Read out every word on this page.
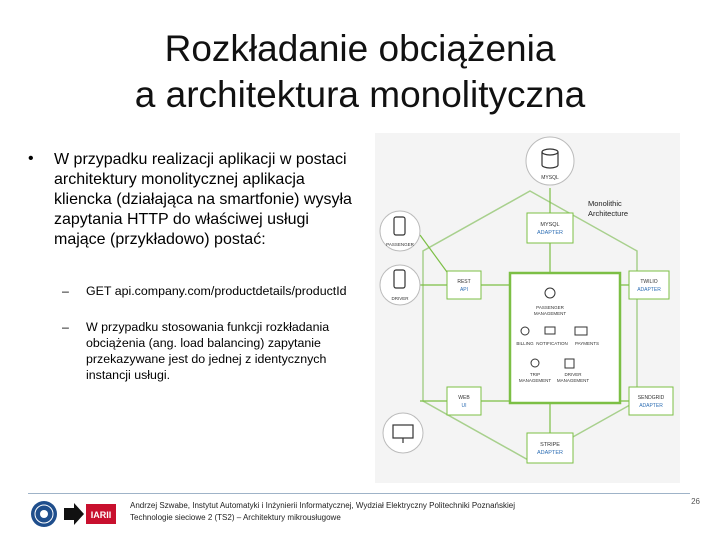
Rozkładanie obciążenia
a architektura monolityczna
• W przypadku realizacji aplikacji w postaci architektury monolitycznej aplikacja kliencka (działająca na smartfonie) wysyła zapytania HTTP do właściwej usługi mające (przykładowo) postać:
– GET api.company.com/productdetails/productId
– W przypadku stosowania funkcji rozkładania obciążenia (ang. load balancing) zapytanie przekazywane jest do jednej z identycznych instancji usługi.
MYSQL
MYSQL
ADAPTER
Monolithic
Architecture
PASSENGER
DRIVER
REST
API
TWILIO
ADAPTER
PASSENGER
MANAGEMENT
BILLING NOTIFICATION PAYMENTS
TRIP
MANAGEMENT
DRIVER
MANAGEMENT
WEB
UI
SENDGRID
ADAPTER
STRIPE
ADAPTER
IARII
Andrzej Szwabe, Instytut Automatyki i Inżynierii Informatycznej, Wydział Elektryczny Politechniki Poznańskiej
Technologie sieciowe 2 (TS2) – Architektury mikrousługowe
26
